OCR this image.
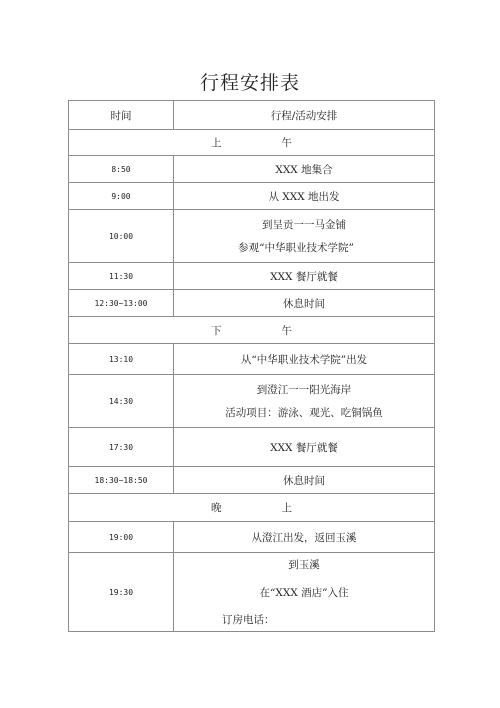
行程安排表
时间	行程/活动安排
上 午	
8:50	XXX 地集合
9:00	从 XXX 地出发
10:00	到呈贡一一马金铺
参观“中华职业技术学院”

11:30	XXX 餐厅就餐
12:30~13:00	休息时间
下 午	
13:10	从“中华职业技术学院”出发
14:30	到澄江一一阳光海岸
活动项目：游泳、观光、吃铜锅鱼

17:30	XXX 餐厅就餐
18:30~18:50	休息时间
晚 上	
19:00	从澄江出发，返回玉溪
19:30	到玉溪
在“XXX 酒店”入住
订房电话：
